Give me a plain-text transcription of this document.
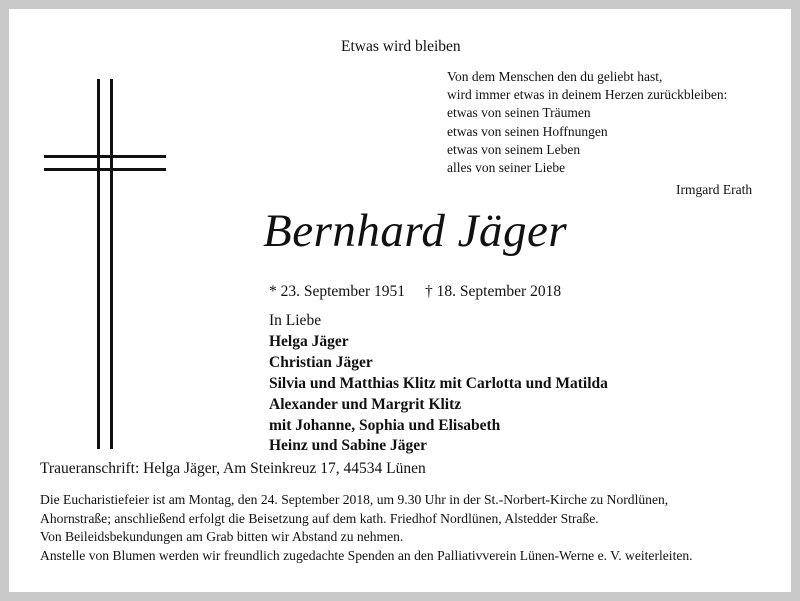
Etwas wird bleiben
Von dem Menschen den du geliebt hast,
wird immer etwas in deinem Herzen zurückbleiben:
etwas von seinen Träumen
etwas von seinen Hoffnungen
etwas von seinem Leben
alles von seiner Liebe
Irmgard Erath
Bernhard Jäger
* 23. September 1951 † 18. September 2018
In Liebe
Helga Jäger
Christian Jäger
Silvia und Matthias Klitz mit Carlotta und Matilda
Alexander und Margrit Klitz
mit Johanne, Sophia und Elisabeth
Heinz und Sabine Jäger
Traueranschrift: Helga Jäger, Am Steinkreuz 17, 44534 Lünen
Die Eucharistiefeier ist am Montag, den 24. September 2018, um 9.30 Uhr in der St.-Norbert-Kirche zu Nordlünen,
Ahornstraße; anschließend erfolgt die Beisetzung auf dem kath. Friedhof Nordlünen, Alstedder Straße.
Von Beileidsbekundungen am Grab bitten wir Abstand zu nehmen.
Anstelle von Blumen werden wir freundlich zugedachte Spenden an den Palliativverein Lünen-Werne e. V. weiterleiten.
